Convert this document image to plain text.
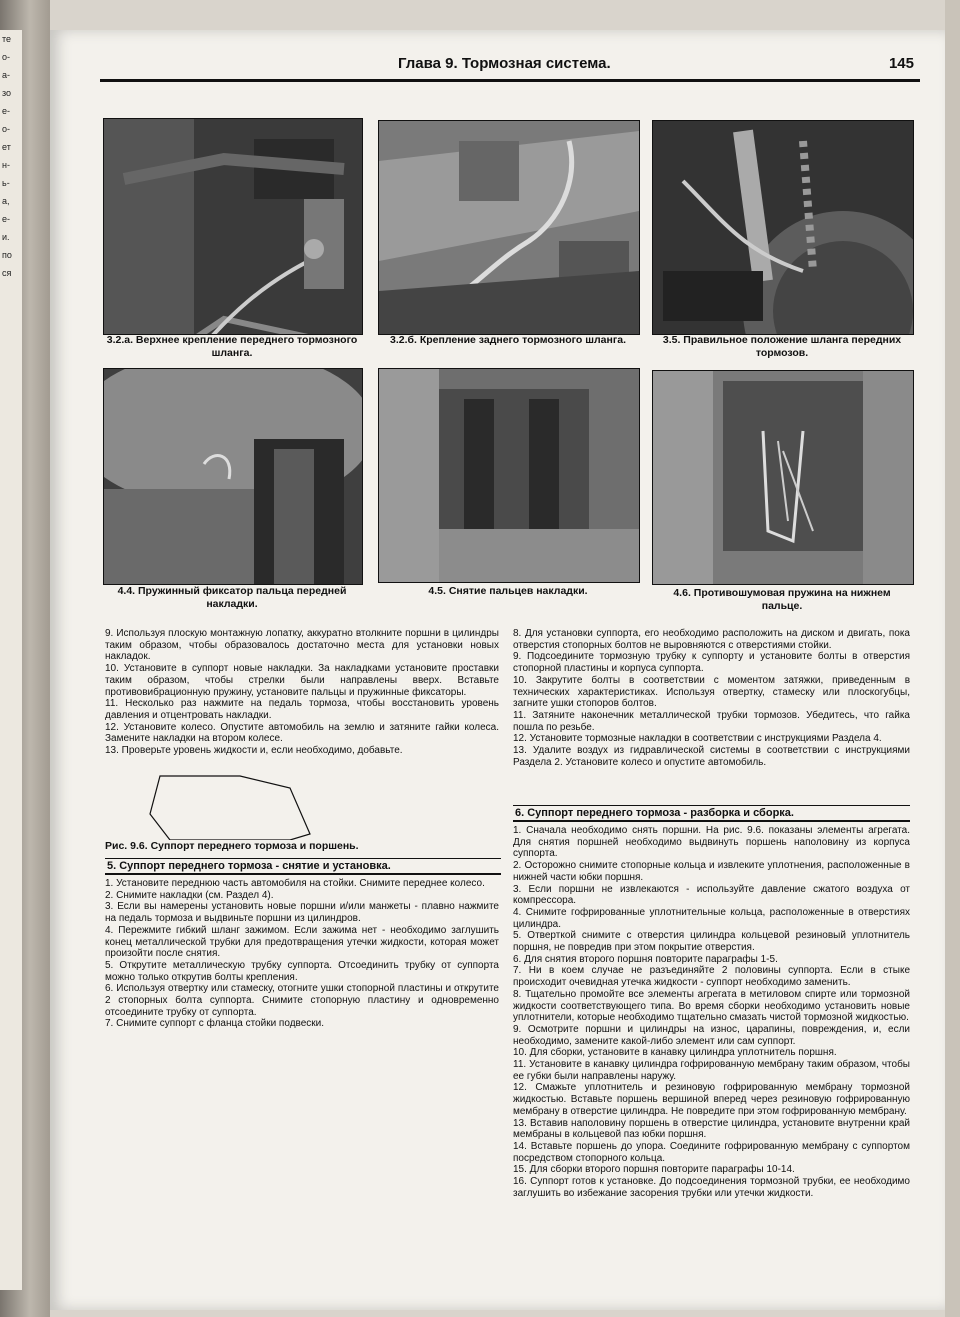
те
о-
а-
зо
е-
о-
ет
н-
ь-
а,
е-
и.
по
ся
Глава 9. Тормозная система.	145
3.2.а. Верхнее крепление переднего тормозного шланга.
3.2.б. Крепление заднего тормозного шланга.	3.5. Правильное положение шланга передних тормозов.
4.4. Пружинный фиксатор пальца передней накладки.
4.5. Снятие пальцев накладки.	4.6. Противошумовая пружина на нижнем пальце.

9. Используя плоскую монтажную лопатку, аккуратно втолкните поршни в цилиндры таким образом, чтобы образовалось достаточно места для установки новых накладок.

10. Установите в суппорт новые накладки. За накладками установите проставки таким образом, чтобы стрелки были направлены вверх. Вставьте противовибрационную пружину, установите пальцы и пружинные фиксаторы.

11. Несколько раз нажмите на педаль тормоза, чтобы восстановить уровень давления и отцентровать накладки.

12. Установите колесо. Опустите автомобиль на землю и затяните гайки колеса. Замените накладки на втором колесе.

13. Проверьте уровень жидкости и, если необходимо, добавьте.

Рис. 9.6. Суппорт переднего тормоза и поршень.
5. Суппорт переднего тормоза - снятие и установка.

1. Установите переднюю часть автомобиля на стойки. Снимите переднее колесо.

2. Снимите накладки (см. Раздел 4).

3. Если вы намерены установить новые поршни и/или манжеты - плавно нажмите на педаль тормоза и выдвиньте поршни из цилиндров.

4. Пережмите гибкий шланг зажимом. Если зажима нет - необходимо заглушить конец металлической трубки для предотвращения утечки жидкости, которая может произойти после снятия.

5. Открутите металлическую трубку суппорта. Отсоединить трубку от суппорта можно только открутив болты крепления.

6. Используя отвертку или стамеску, отогните ушки стопорной пластины и открутите 2 стопорных болта суппорта. Снимите стопорную пластину и одновременно отсоедините трубку от суппорта.

7. Снимите суппорт с фланца стойки подвески.

8. Для установки суппорта, его необходимо расположить на диском и двигать, пока отверстия стопорных болтов не выровняются с отверстиями стойки.

9. Подсоедините тормозную трубку к суппорту и установите болты в отверстия стопорной пластины и корпуса суппорта.

10. Закрутите болты в соответствии с моментом затяжки, приведенным в технических характеристиках. Используя отвертку, стамеску или плоскогубцы, загните ушки стопоров болтов.

11. Затяните наконечник металлической трубки тормозов. Убедитесь, что гайка пошла по резьбе.

12. Установите тормозные накладки в соответствии с инструкциями Раздела 4.

13. Удалите воздух из гидравлической системы в соответствии с инструкциями Раздела 2. Установите колесо и опустите автомобиль.

6. Суппорт переднего тормоза - разборка и сборка.

1. Сначала необходимо снять поршни. На рис. 9.6. показаны элементы агрегата. Для снятия поршней необходимо выдвинуть поршень наполовину из корпуса суппорта.

2. Осторожно снимите стопорные кольца и извлеките уплотнения, расположенные в нижней части юбки поршня.

3. Если поршни не извлекаются - используйте давление сжатого воздуха от компрессора.

4. Снимите гофрированные уплотнительные кольца, расположенные в отверстиях цилиндра.

5. Отверткой снимите с отверстия цилиндра кольцевой резиновый уплотнитель поршня, не повредив при этом покрытие отверстия.

6. Для снятия второго поршня повторите параграфы 1-5.

7. Ни в коем случае не разъединяйте 2 половины суппорта. Если в стыке происходит очевидная утечка жидкости - суппорт необходимо заменить.

8. Тщательно промойте все элементы агрегата в метиловом спирте или тормозной жидкости соответствующего типа. Во время сборки необходимо установить новые уплотнители, которые необходимо тщательно смазать чистой тормозной жидкостью.

9. Осмотрите поршни и цилиндры на износ, царапины, повреждения, и, если необходимо, замените какой-либо элемент или сам суппорт.

10. Для сборки, установите в канавку цилиндра уплотнитель поршня.

11. Установите в канавку цилиндра гофрированную мембрану таким образом, чтобы ее губки были направлены наружу.

12. Смажьте уплотнитель и резиновую гофрированную мембрану тормозной жидкостью. Вставьте поршень вершиной вперед через резиновую гофрированную мембрану в отверстие цилиндра. Не повредите при этом гофрированную мембрану.

13. Вставив наполовину поршень в отверстие цилиндра, установите внутренни край мембраны в кольцевой паз юбки поршня.

14. Вставьте поршень до упора. Соедините гофрированную мембрану с суппортом посредством стопорного кольца.

15. Для сборки второго поршня повторите параграфы 10-14.

16. Суппорт готов к установке. До подсоединения тормозной трубки, ее необходимо заглушить во избежание засорения трубки или утечки жидкости.
